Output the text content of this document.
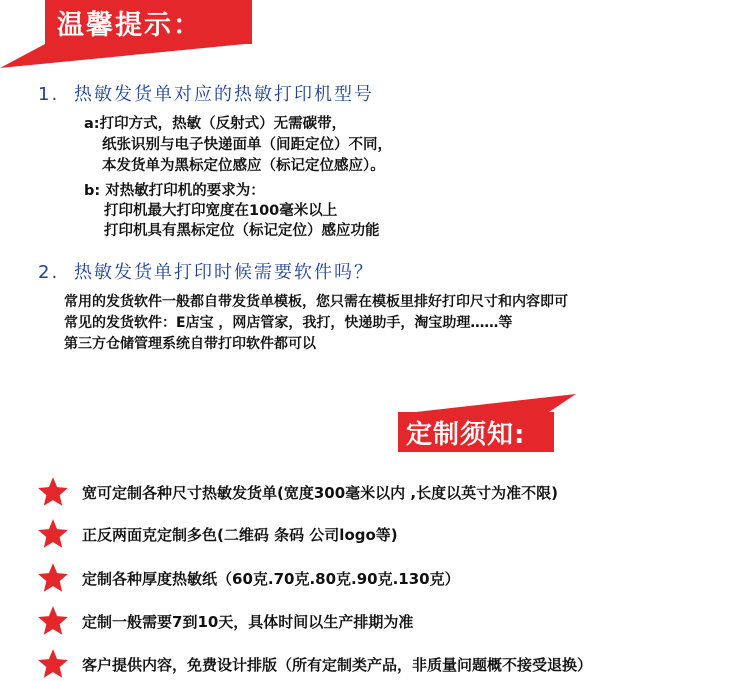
温馨提示：
1. 热敏发货单对应的热敏打印机型号
a:打印方式，热敏（反射式）无需碳带，
纸张识别与电子快递面单（间距定位）不同，
本发货单为黑标定位感应（标记定位感应）。
b: 对热敏打印机的要求为：
打印机最大打印宽度在100毫米以上
打印机具有黑标定位（标记定位）感应功能
2. 热敏发货单打印时候需要软件吗？
常用的发货软件一般都自带发货单模板，您只需在模板里排好打印尺寸和内容即可
常见的发货软件：E店宝 ，网店管家，我打，快递助手，淘宝助理……等
第三方仓储管理系统自带打印软件都可以
定制须知:
宽可定制各种尺寸热敏发货单(宽度300毫米以内 ,长度以英寸为准不限)
正反两面克定制多色(二维码 条码 公司logo等)
定制各种厚度热敏纸（60克.70克.80克.90克.130克）
定制一般需要7到10天，具体时间以生产排期为准
客户提供内容，免费设计排版（所有定制类产品，非质量问题概不接受退换）
